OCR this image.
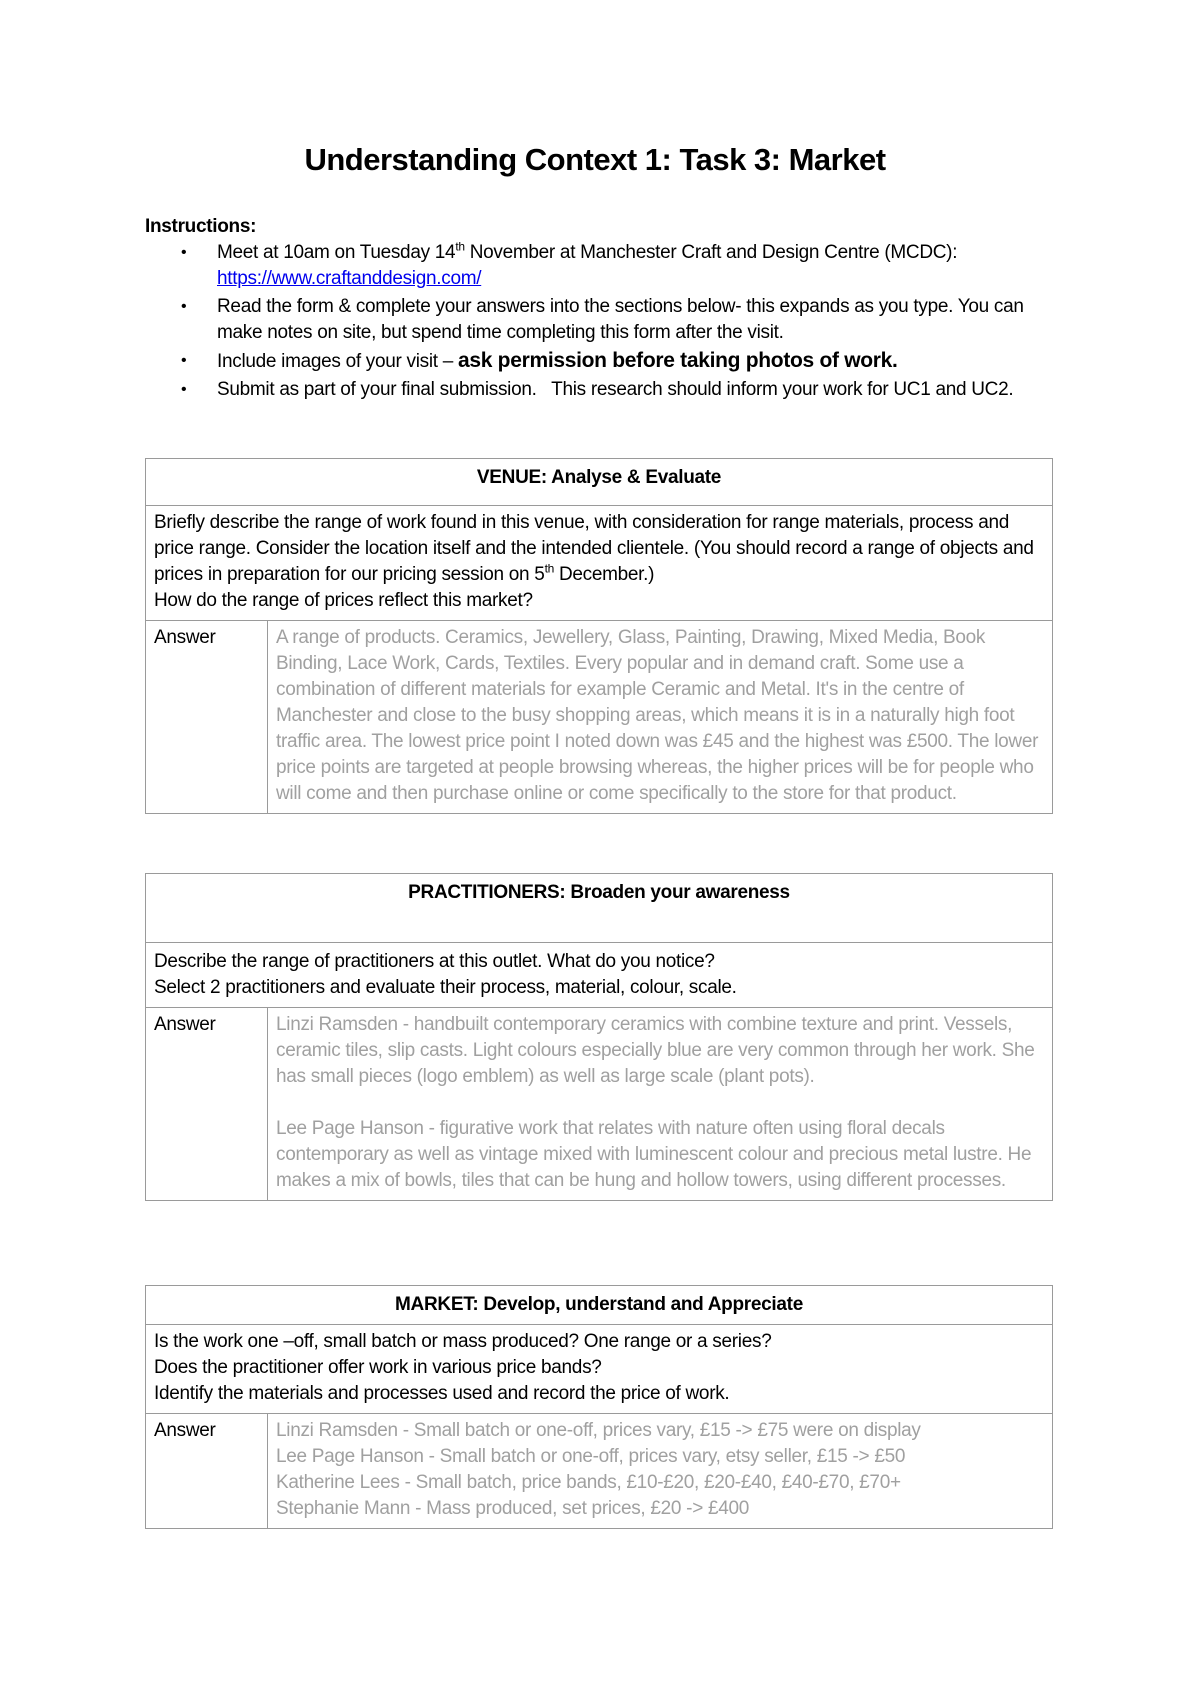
Understanding Context 1: Task 3: Market
Instructions:
• Meet at 10am on Tuesday 14th November at Manchester Craft and Design Centre (MCDC):
https://www.craftanddesign.com/
• Read the form & complete your answers into the sections below- this expands as you type. You can make notes on site, but spend time completing this form after the visit.
• Include images of your visit – ask permission before taking photos of work.
• Submit as part of your final submission.   This research should inform your work for UC1 and UC2.
VENUE: Analyse & Evaluate
Briefly describe the range of work found in this venue, with consideration for range materials, process and price range. Consider the location itself and the intended clientele. (You should record a range of objects and prices in preparation for our pricing session on 5th December.)
How do the range of prices reflect this market?
Answer	A range of products. Ceramics, Jewellery, Glass, Painting, Drawing, Mixed Media, Book Binding, Lace Work, Cards, Textiles. Every popular and in demand craft. Some use a combination of different materials for example Ceramic and Metal. It's in the centre of Manchester and close to the busy shopping areas, which means it is in a naturally high foot traffic area. The lowest price point I noted down was £45 and the highest was £500. The lower price points are targeted at people browsing whereas, the higher prices will be for people who will come and then purchase online or come specifically to the store for that product.
PRACTITIONERS: Broaden your awareness

Describe the range of practitioners at this outlet. What do you notice?
Select 2 practitioners and evaluate their process, material, colour, scale.

Answer	Linzi Ramsden - handbuilt contemporary ceramics with combine texture and print. Vessels, ceramic tiles, slip casts. Light colours especially blue are very common through her work. She has small pieces (logo emblem) as well as large scale (plant pots).
Lee Page Hanson - figurative work that relates with nature often using floral decals contemporary as well as vintage mixed with luminescent colour and precious metal lustre. He makes a mix of bowls, tiles that can be hung and hollow towers, using different processes.
MARKET: Develop, understand and Appreciate

Is the work one –off, small batch or mass produced? One range or a series?
Does the practitioner offer work in various price bands?
Identify the materials and processes used and record the price of work.

Answer	Linzi Ramsden - Small batch or one-off, prices vary, £15 -> £75 were on display
Lee Page Hanson - Small batch or one-off, prices vary, etsy seller, £15 -> £50
Katherine Lees - Small batch, price bands, £10-£20, £20-£40, £40-£70, £70+
Stephanie Mann - Mass produced, set prices, £20 -> £400
